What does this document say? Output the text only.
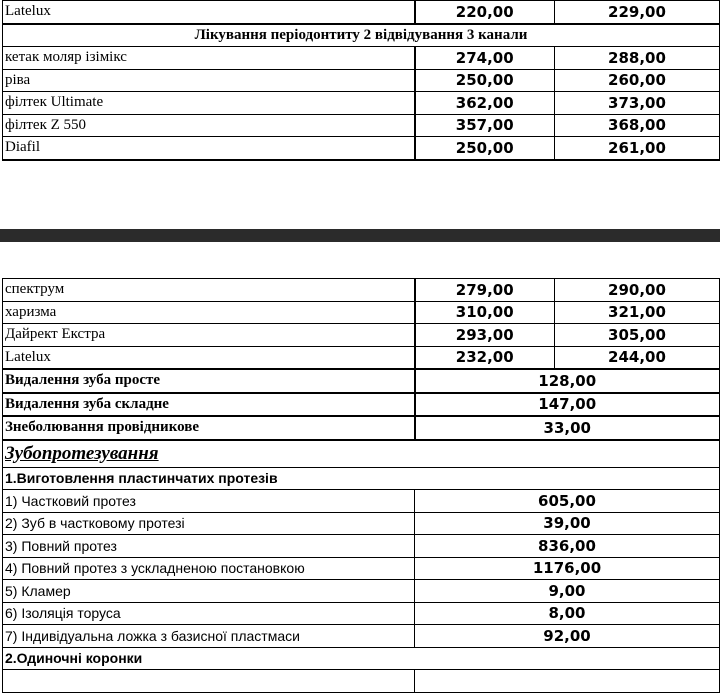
Latelux	220,00	229,00
Лікування періодонтиту 2 відвідування 3 канали		
кетак моляр ізімікс	274,00	288,00
ріва	250,00	260,00
філтек Ultimate	362,00	373,00
філтек Z 550	357,00	368,00
Diafil	250,00	261,00
спектрум	279,00	290,00
харизма	310,00	321,00
Дайрект Екстра	293,00	305,00
Latelux	232,00	244,00
Видалення зуба просте	128,00	
Видалення зуба складне	147,00	
Знеболювання провідникове	33,00	
Зубопротезування		
1.Виготовлення пластинчатих протезів		
1) Частковий протез	605,00	
2) Зуб в частковому протезі	39,00	
3) Повний протез	836,00	
4) Повний протез з ускладненою постановкою	1176,00	
5) Кламер	9,00	
6) Ізоляція торуса	8,00	
7) Індивідуальна ложка з базисної пластмаси	92,00	
2.Одиночні коронки		
